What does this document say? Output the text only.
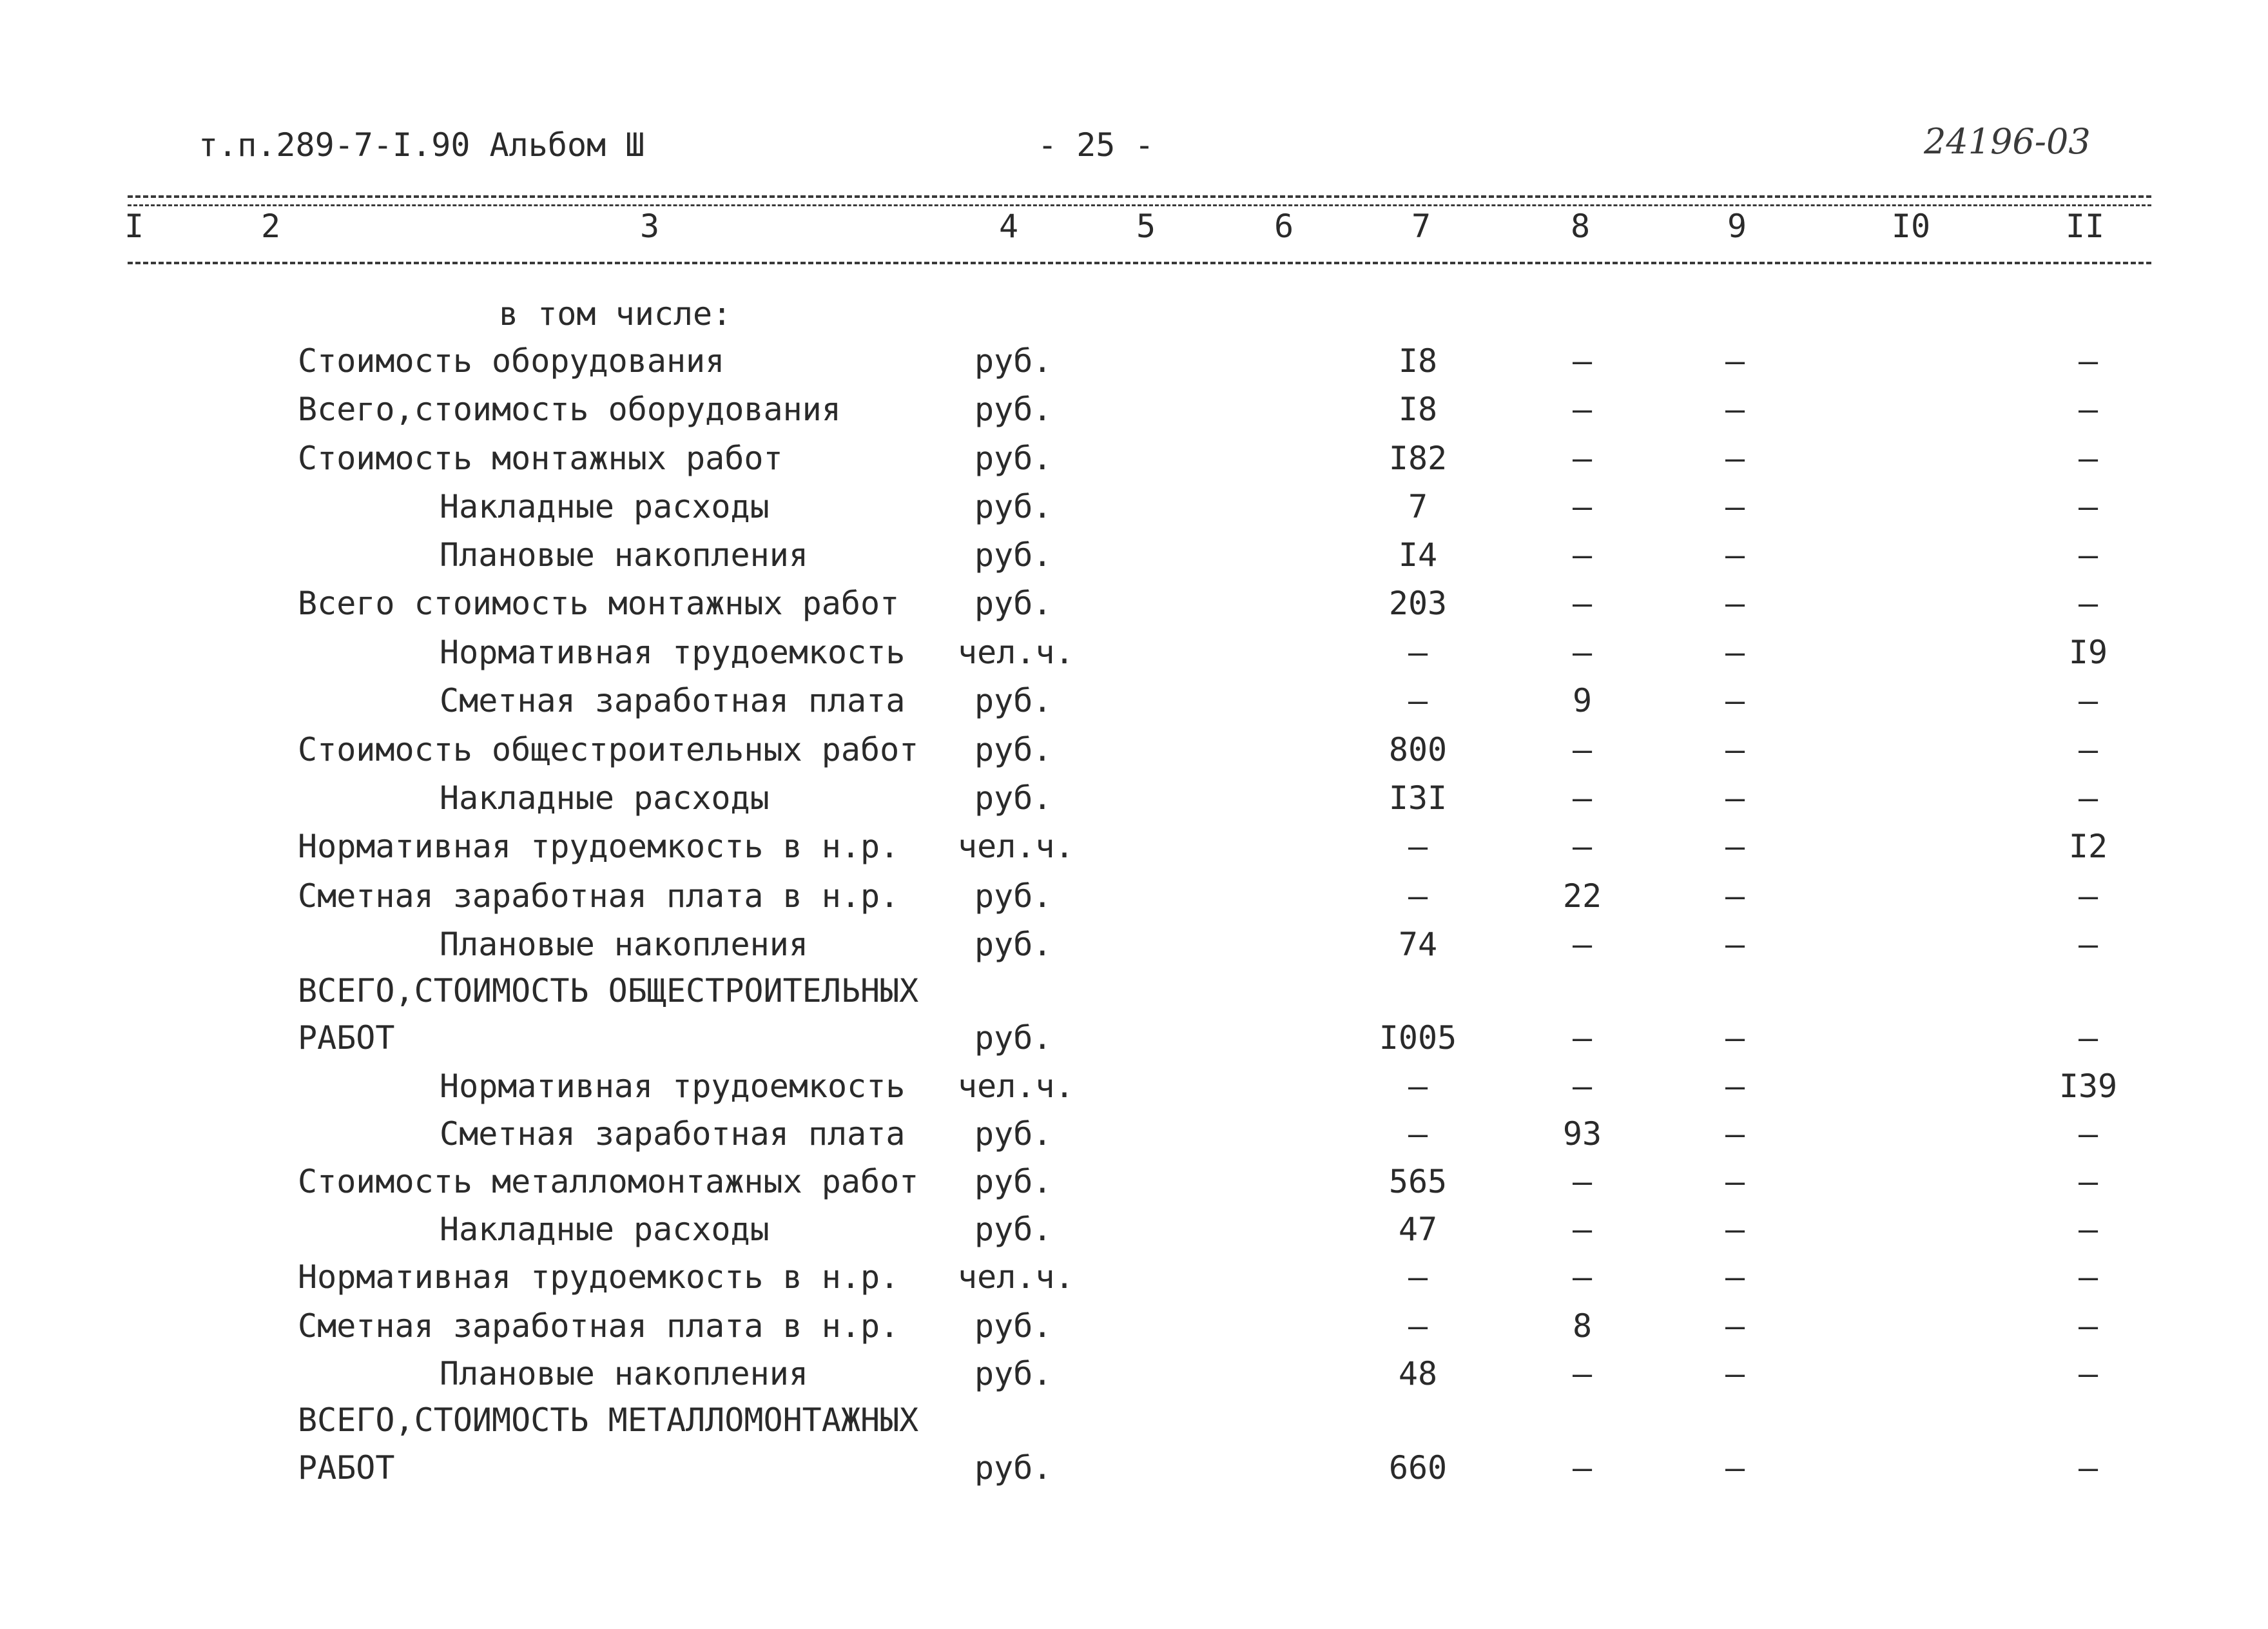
т.п.289-7-I.90 Альбом Ш	- 25 -	24196-03
I	2	3	4	5	6	7	8	9	I0	II
в том числе:
Стоимость оборудования	руб.	I8	–	–	–
Всего,стоимость оборудования	руб.	I8	–	–	–
Стоимость монтажных работ	руб.	I82	–	–	–
Накладные расходы	руб.	7	–	–	–
Плановые накопления	руб.	I4	–	–	–
Всего стоимость монтажных работ руб.	203	–	–	–
Нормативная трудоемкость чел.ч.	–	–	–	I9
Сметная заработная плата руб.	–	9	–	–
Стоимость общестроительных работ руб.	800	–	–	–
Накладные расходы	руб.	I3I	–	–	–
Нормативная трудоемкость в н.р. чел.ч.	–	–	–	I2
Сметная заработная плата в н.р. руб.	–	22	–	–
Плановые накопления	руб.	74	–	–	–
ВСЕГО,СТОИМОСТЬ ОБЩЕСТРОИТЕЛЬНЫХ
РАБОТ	руб.	I005	–	–	–
Нормативная трудоемкость чел.ч.	–	–	–	I39
Сметная заработная плата руб.	–	93	–	–
Стоимость металломонтажных работ руб.	565	–	–	–
Накладные расходы	руб.	47	–	–	–
Нормативная трудоемкость в н.р. чел.ч.	–	–	–	–
Сметная заработная плата в н.р. руб.	–	8	–	–
Плановые накопления	руб.	48	–	–	–
ВСЕГО,СТОИМОСТЬ МЕТАЛЛОМОНТАЖНЫХ
РАБОТ	руб.	660	–	–	–
